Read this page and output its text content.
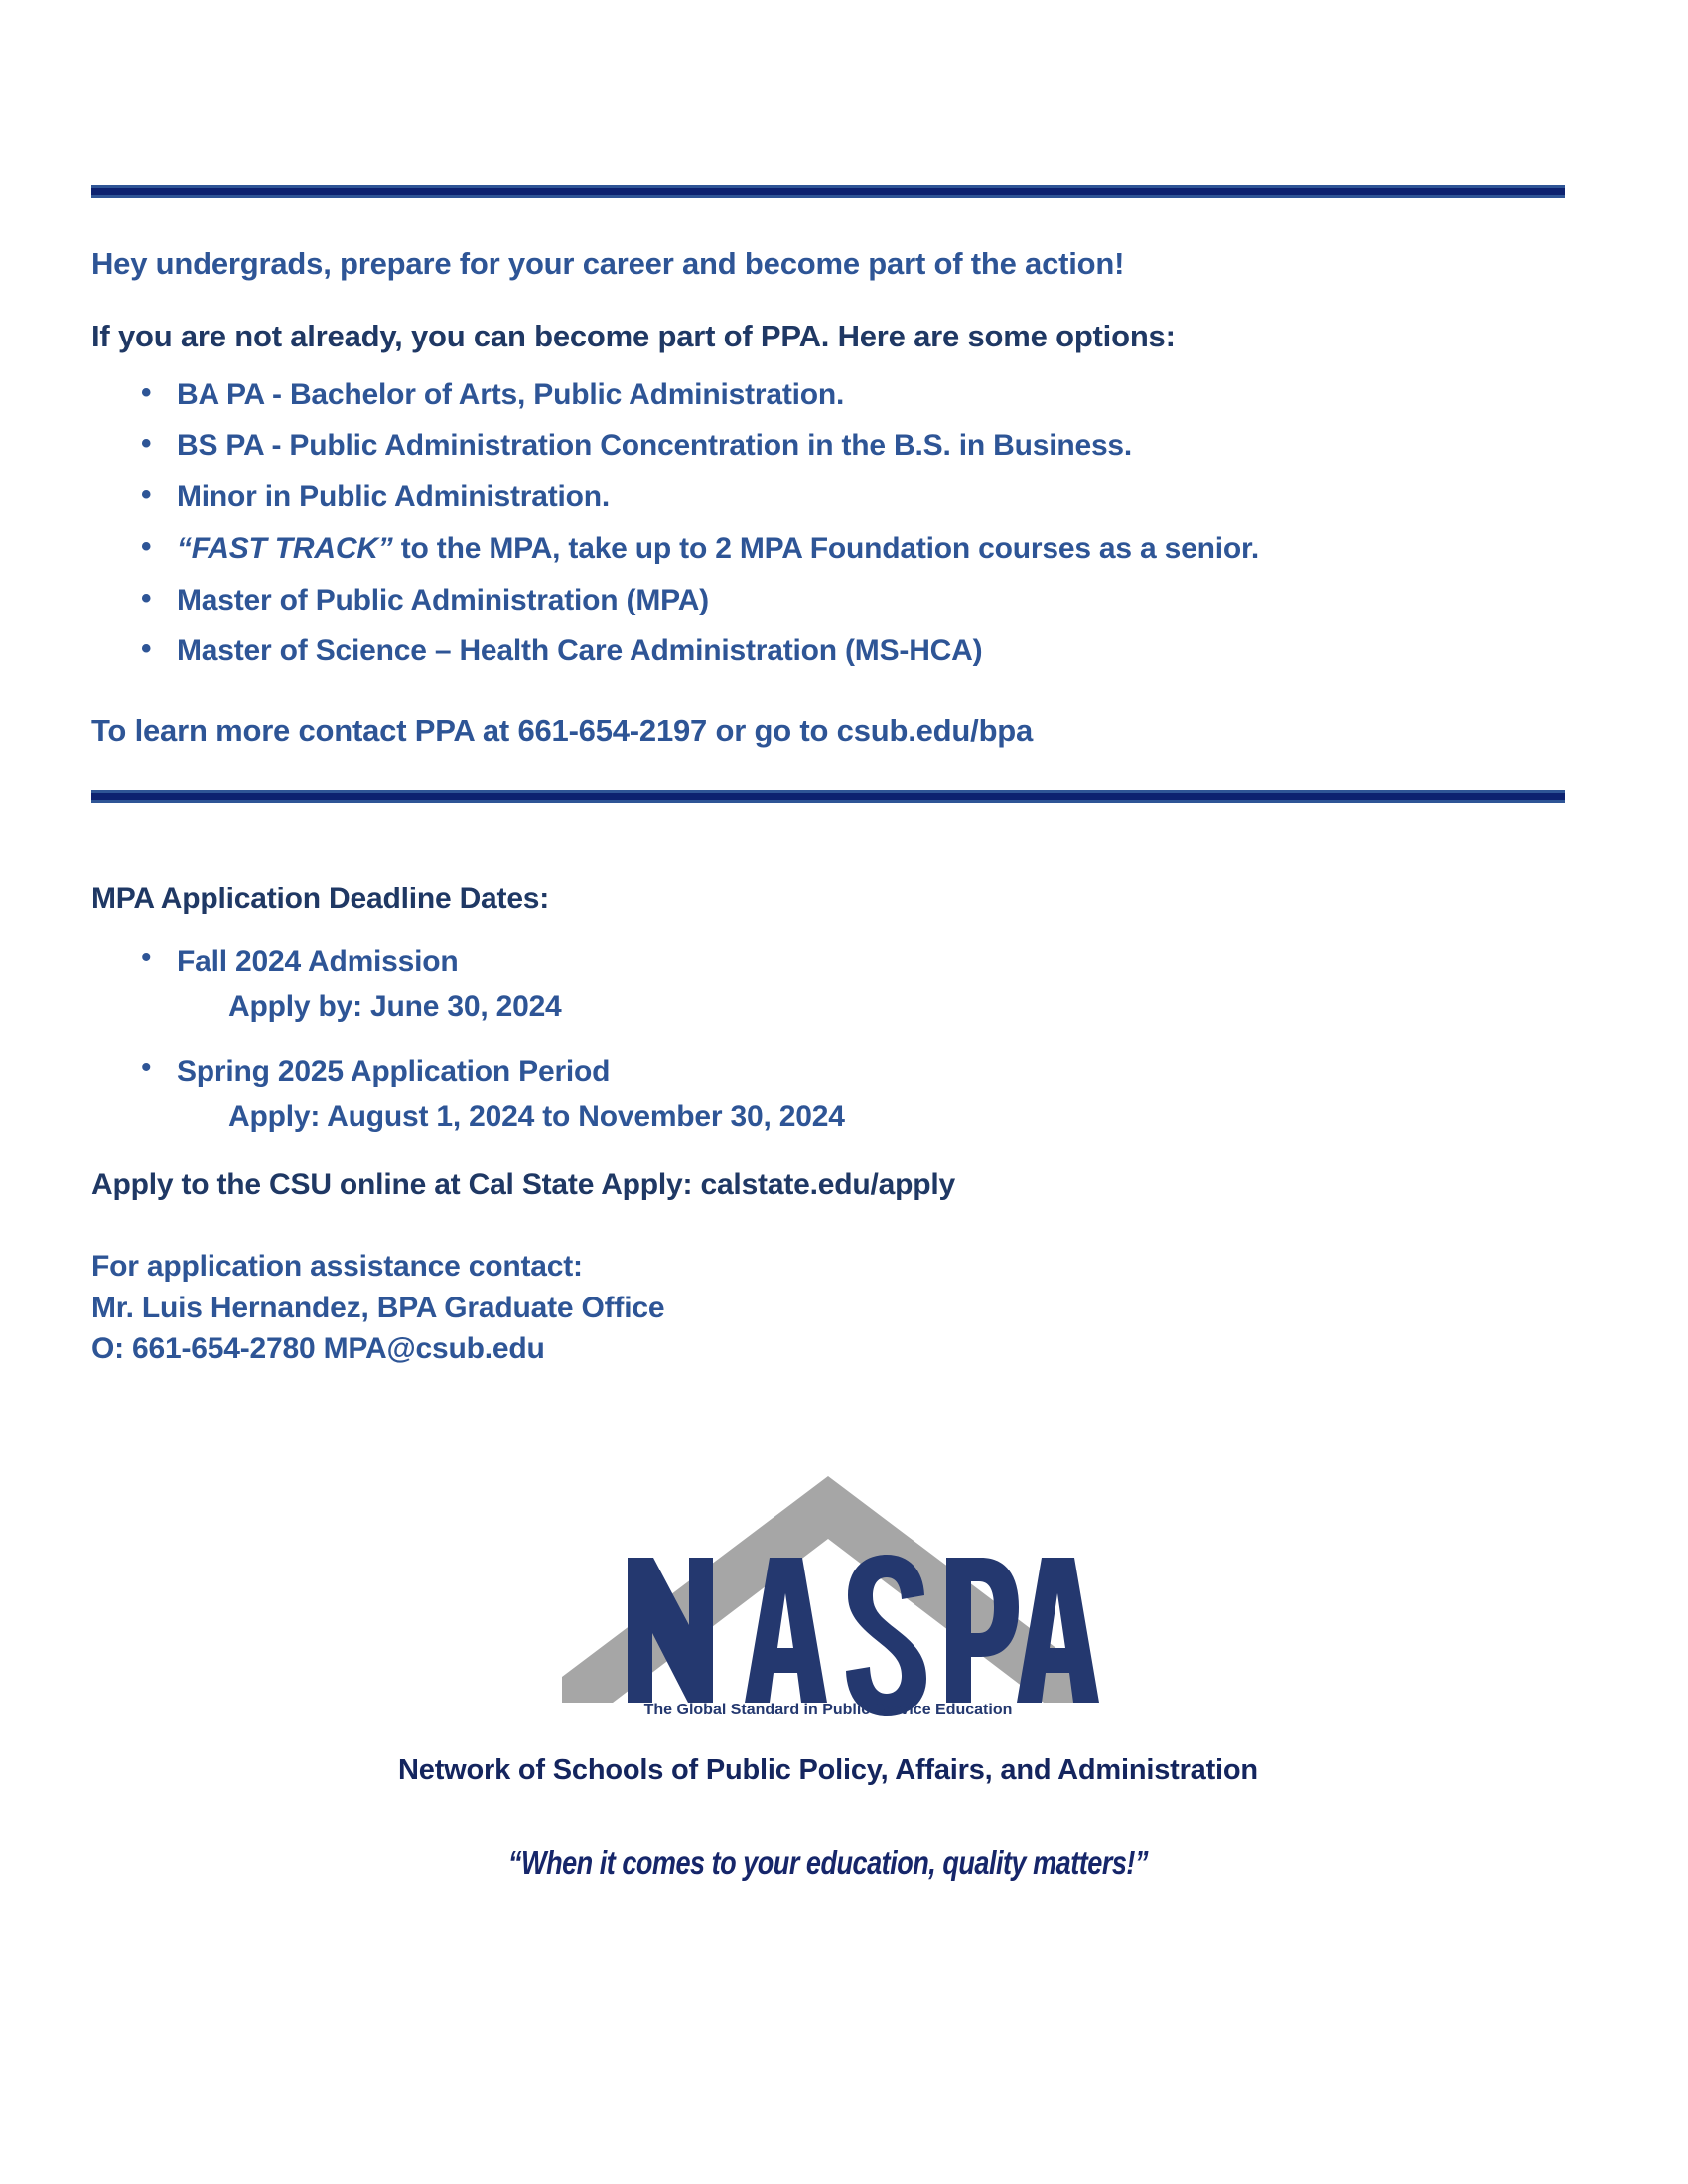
Hey undergrads, prepare for your career and become part of the action!
If you are not already, you can become part of PPA. Here are some options:
• BA PA - Bachelor of Arts, Public Administration.
• BS PA - Public Administration Concentration in the B.S. in Business.
• Minor in Public Administration.
• “FAST TRACK” to the MPA, take up to 2 MPA Foundation courses as a senior.
• Master of Public Administration (MPA)
• Master of Science – Health Care Administration (MS-HCA)
To learn more contact PPA at 661-654-2197 or go to csub.edu/bpa
MPA Application Deadline Dates:
• Fall 2024 Admission
Apply by: June 30, 2024
• Spring 2025 Application Period
Apply: August 1, 2024 to November 30, 2024
Apply to the CSU online at Cal State Apply: calstate.edu/apply
For application assistance contact:
Mr. Luis Hernandez, BPA Graduate Office
O: 661-654-2780 MPA@csub.edu
The Global Standard in Public Service Education
Network of Schools of Public Policy, Affairs, and Administration
“When it comes to your education, quality matters!”
